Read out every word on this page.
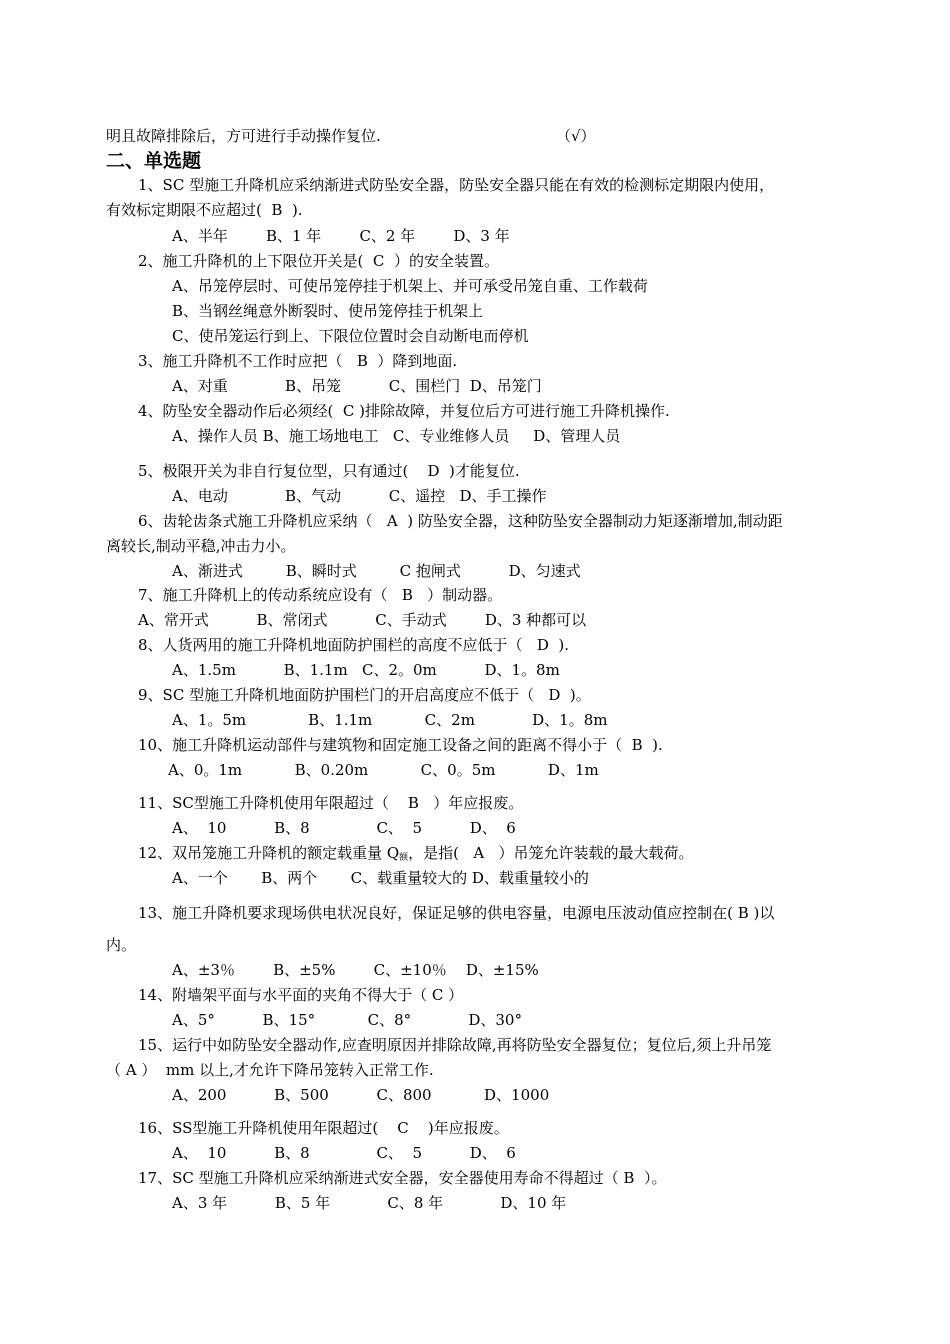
明且故障排除后，方可进行手动操作复位.	（√）
二、单选题
1、SC 型施工升降机应采纳渐进式防坠安全器，防坠安全器只能在有效的检测标定期限内使用，
有效标定期限不应超过(  B  ).
A、半年        B、1 年        C、2 年        D、3 年
2、施工升降机的上下限位开关是(  C  ）的安全装置。
A、吊笼停层时、可使吊笼停挂于机架上、并可承受吊笼自重、工作载荷
B、当钢丝绳意外断裂时、使吊笼停挂于机架上
C、使吊笼运行到上、下限位位置时会自动断电而停机
3、施工升降机不工作时应把（   B  ）降到地面.
A、对重            B、吊笼          C、围栏门  D、吊笼门
4、防坠安全器动作后必须经(  C )排除故障，并复位后方可进行施工升降机操作.
A、操作人员 B、施工场地电工   C、专业维修人员     D、管理人员
5、极限开关为非自行复位型，只有通过(    D  )才能复位.
A、电动            B、气动          C、遥控   D、手工操作
6、齿轮齿条式施工升降机应采纳（   A  ) 防坠安全器，这种防坠安全器制动力矩逐渐增加,制动距
离较长,制动平稳,冲击力小。
A、渐进式         B、瞬时式         C 抱闸式          D、匀速式
7、施工升降机上的传动系统应设有（   B   ）制动器。
A、常开式          B、常闭式          C、手动式        D、3 种都可以
8、人货两用的施工升降机地面防护围栏的高度不应低于（   D  ).
A、1.5m          B、1.1m   C、2。0m          D、1。8m
9、SC 型施工升降机地面防护围栏门的开启高度应不低于（   D  )。
A、1。5m             B、1.1m           C、2m            D、1。8m
10、施工升降机运动部件与建筑物和固定施工设备之间的距离不得小于（  B  ).
A、0。1m           B、0.20m           C、0。5m           D、1m
11、SC型施工升降机使用年限超过（    B   ）年应报废。
A、  10          B、8              C、  5          D、  6
12、双吊笼施工升降机的额定载重量 $Q_额$，是指(   A   ）吊笼允许装载的最大载荷。
A、一个       B、两个       C、载重量较大的 D、载重量较小的
13、施工升降机要求现场供电状况良好，保证足够的供电容量，电源电压波动值应控制在( B )以
内。
A、±3％        B、±5%        C、±10％    D、±15%
14、附墙架平面与水平面的夹角不得大于（ C ）
A、5°          B、15°           C、8°            D、30°
15、运行中如防坠安全器动作,应查明原因并排除故障,再将防坠安全器复位；复位后,须上升吊笼
（ A ）  mm 以上,才允许下降吊笼转入正常工作.
A、200          B、500          C、800           D、1000
16、SS型施工升降机使用年限超过(    C    )年应报废。
A、  10          B、8              C、  5          D、  6
17、SC 型施工升降机应采纳渐进式安全器，安全器使用寿命不得超过（ B  ）。
A、3 年          B、5 年            C、8 年            D、10 年
